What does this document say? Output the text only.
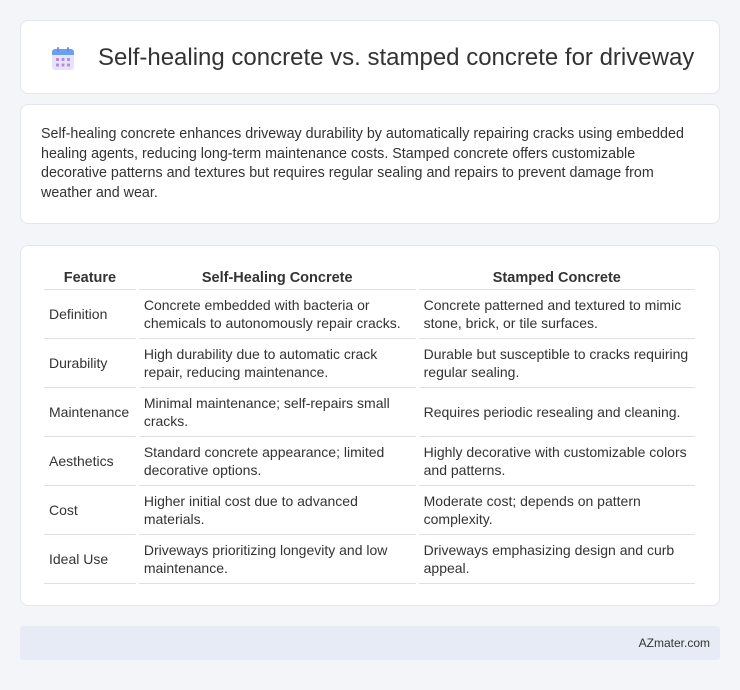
Self-healing concrete vs. stamped concrete for driveway

Self-healing concrete enhances driveway durability by automatically repairing cracks using embedded healing agents, reducing long-term maintenance costs. Stamped concrete offers customizable decorative patterns and textures but requires regular sealing and repairs to prevent damage from weather and wear.

Feature	Self-Healing Concrete	Stamped Concrete
Definition	Concrete embedded with bacteria or chemicals to autonomously repair cracks.	Concrete patterned and textured to mimic stone, brick, or tile surfaces.
Durability	High durability due to automatic crack repair, reducing maintenance.	Durable but susceptible to cracks requiring regular sealing.
Maintenance	Minimal maintenance; self-repairs small cracks.	Requires periodic resealing and cleaning.
Aesthetics	Standard concrete appearance; limited decorative options.	Highly decorative with customizable colors and patterns.
Cost	Higher initial cost due to advanced materials.	Moderate cost; depends on pattern complexity.
Ideal Use	Driveways prioritizing longevity and low maintenance.	Driveways emphasizing design and curb appeal.
AZmater.com
